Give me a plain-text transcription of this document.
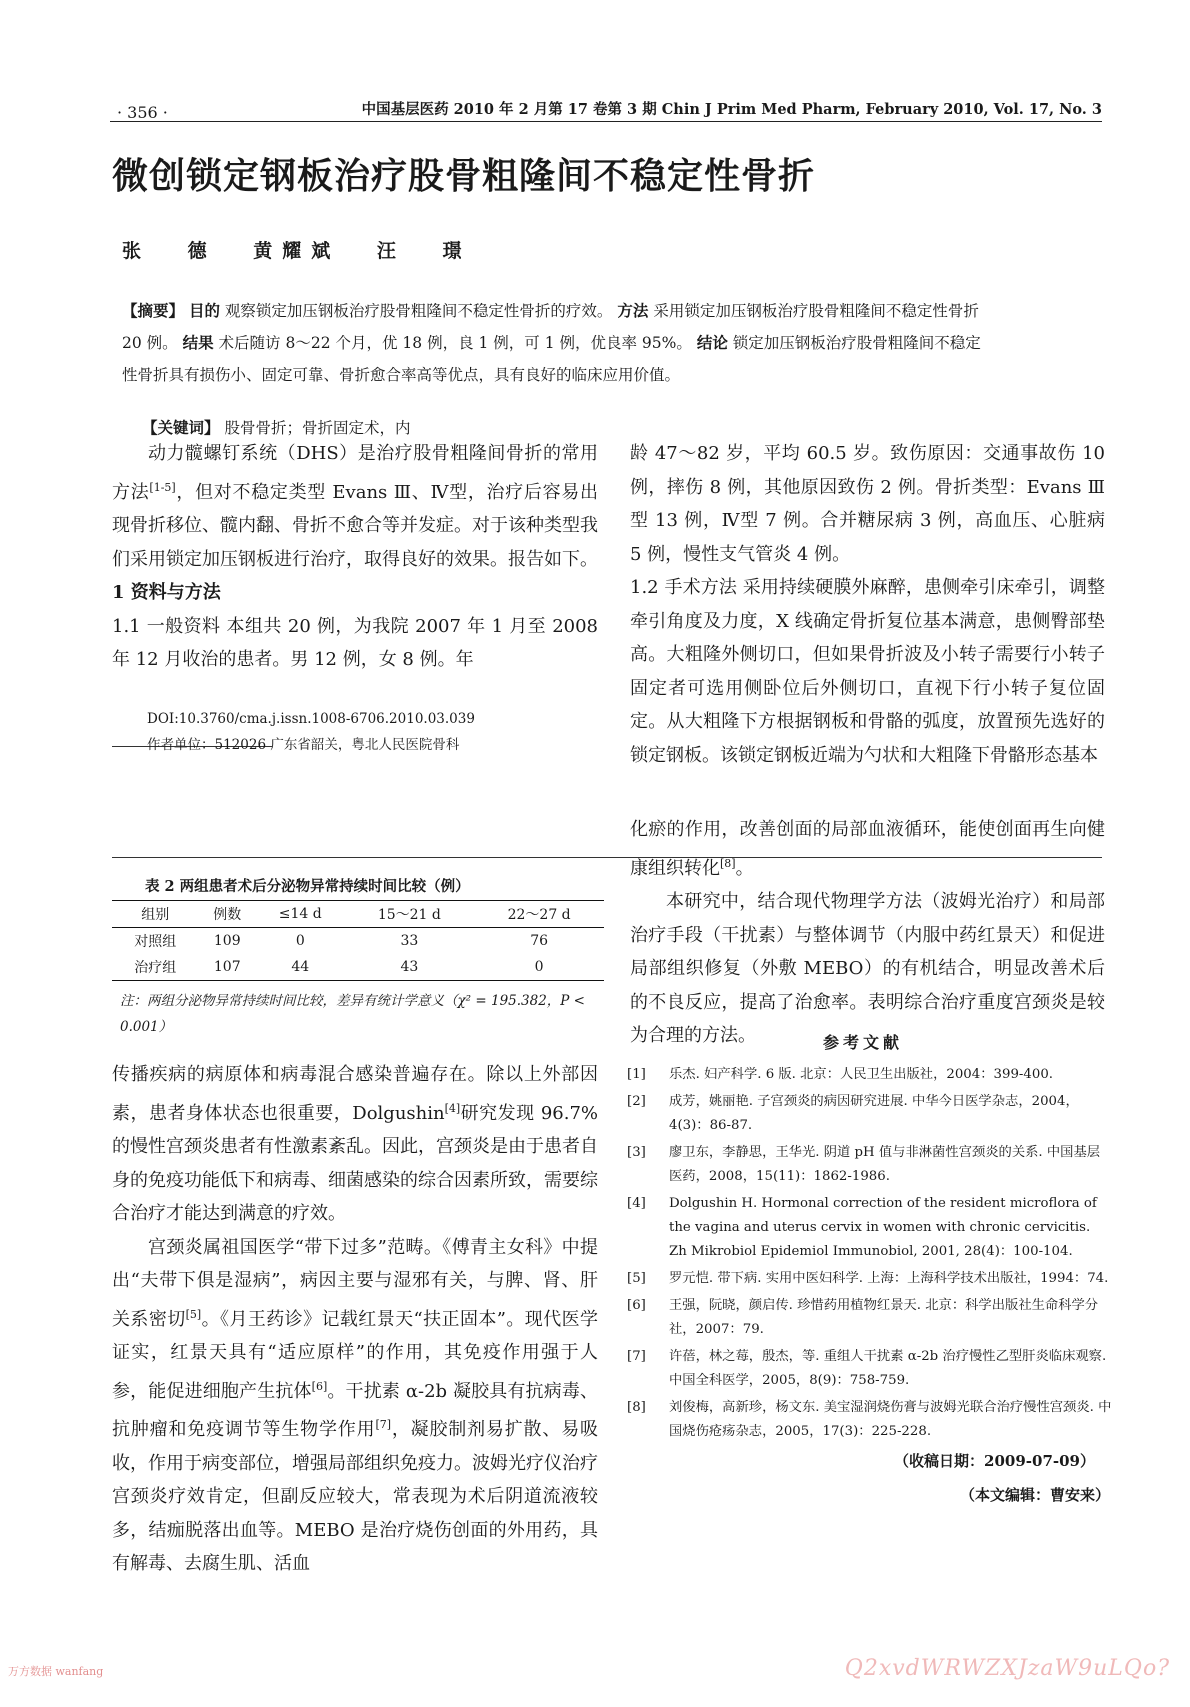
· 356 ·	中国基层医药 2010 年 2 月第 17 卷第 3 期 Chin J Prim Med Pharm, February 2010, Vol. 17, No. 3
微创锁定钢板治疗股骨粗隆间不稳定性骨折
张 德 黄耀斌 汪 璟
【摘要】 目的 观察锁定加压钢板治疗股骨粗隆间不稳定性骨折的疗效。 方法 采用锁定加压钢板治疗股骨粗隆间不稳定性骨折 20 例。 结果 术后随访 8～22 个月，优 18 例，良 1 例，可 1 例，优良率 95%。 结论 锁定加压钢板治疗股骨粗隆间不稳定性骨折具有损伤小、固定可靠、骨折愈合率高等优点，具有良好的临床应用价值。
【关键词】 股骨骨折；骨折固定术，内

动力髋螺钉系统（DHS）是治疗股骨粗隆间骨折的常用方法[1-5]，但对不稳定类型 Evans Ⅲ、Ⅳ型，治疗后容易出现骨折移位、髋内翻、骨折不愈合等并发症。对于该种类型我们采用锁定加压钢板进行治疗，取得良好的效果。报告如下。

1 资料与方法

1.1 一般资料 本组共 20 例，为我院 2007 年 1 月至 2008 年 12 月收治的患者。男 12 例，女 8 例。年

DOI:10.3760/cma.j.issn.1008-6706.2010.03.039
作者单位：512026 广东省韶关，粤北人民医院骨科

龄 47～82 岁，平均 60.5 岁。致伤原因：交通事故伤 10 例，摔伤 8 例，其他原因致伤 2 例。骨折类型：Evans Ⅲ型 13 例，Ⅳ型 7 例。合并糖尿病 3 例，高血压、心脏病 5 例，慢性支气管炎 4 例。

1.2 手术方法 采用持续硬膜外麻醉，患侧牵引床牵引，调整牵引角度及力度，X 线确定骨折复位基本满意，患侧臀部垫高。大粗隆外侧切口，但如果骨折波及小转子需要行小转子固定者可选用侧卧位后外侧切口，直视下行小转子复位固定。从大粗隆下方根据钢板和骨骼的弧度，放置预先选好的锁定钢板。该锁定钢板近端为勺状和大粗隆下骨骼形态基本

表 2 两组患者术后分泌物异常持续时间比较（例）
组别	例数	≤14 d	15～21 d	22～27 d
对照组	109	0	33	76
治疗组	107	44	43	0
注：两组分泌物异常持续时间比较，差异有统计学意义（χ² = 195.382，P < 0.001）

传播疾病的病原体和病毒混合感染普遍存在。除以上外部因素，患者身体状态也很重要，Dolgushin[4]研究发现 96.7% 的慢性宫颈炎患者有性激素紊乱。因此，宫颈炎是由于患者自身的免疫功能低下和病毒、细菌感染的综合因素所致，需要综合治疗才能达到满意的疗效。

宫颈炎属祖国医学“带下过多”范畴。《傅青主女科》中提出“夫带下俱是湿病”，病因主要与湿邪有关，与脾、肾、肝关系密切[5]。《月王药诊》记载红景天“扶正固本”。现代医学证实，红景天具有“适应原样”的作用，其免疫作用强于人参，能促进细胞产生抗体[6]。干扰素 α-2b 凝胶具有抗病毒、抗肿瘤和免疫调节等生物学作用[7]，凝胶制剂易扩散、易吸收，作用于病变部位，增强局部组织免疫力。波姆光疗仪治疗宫颈炎疗效肯定，但副反应较大，常表现为术后阴道流液较多，结痂脱落出血等。MEBO 是治疗烧伤创面的外用药，具有解毒、去腐生肌、活血

化瘀的作用，改善创面的局部血液循环，能使创面再生向健康组织转化[8]。

本研究中，结合现代物理学方法（波姆光治疗）和局部治疗手段（干扰素）与整体调节（内服中药红景天）和促进局部组织修复（外敷 MEBO）的有机结合，明显改善术后的不良反应，提高了治愈率。表明综合治疗重度宫颈炎是较为合理的方法。	参考文献
[1]	乐杰. 妇产科学. 6 版. 北京：人民卫生出版社，2004：399-400.
[2]	成芳，姚丽艳. 子宫颈炎的病因研究进展. 中华今日医学杂志，2004，4(3)：86-87.
[3]	廖卫东，李静思，王华光. 阴道 pH 值与非淋菌性宫颈炎的关系. 中国基层医药，2008，15(11)：1862-1986.
[4]	Dolgushin H. Hormonal correction of the resident microflora of the vagina and uterus cervix in women with chronic cervicitis. Zh Mikrobiol Epidemiol Immunobiol, 2001, 28(4)：100-104.
[5]	罗元恺. 带下病. 实用中医妇科学. 上海：上海科学技术出版社，1994：74.
[6]	王强，阮晓，颜启传. 珍惜药用植物红景天. 北京：科学出版社生命科学分社，2007：79.
[7]	许蓓，林之莓，殷杰，等. 重组人干扰素 α-2b 治疗慢性乙型肝炎临床观察. 中国全科医学，2005，8(9)：758-759.
[8]	刘俊梅，高新珍，杨文东. 美宝湿润烧伤膏与波姆光联合治疗慢性宫颈炎. 中国烧伤疮疡杂志，2005，17(3)：225-228.
（收稿日期：2009-07-09）
（本文编辑：曹安来）
万方数据 wanfang	Q2xvdWRWZXJzaW9uLQo?
